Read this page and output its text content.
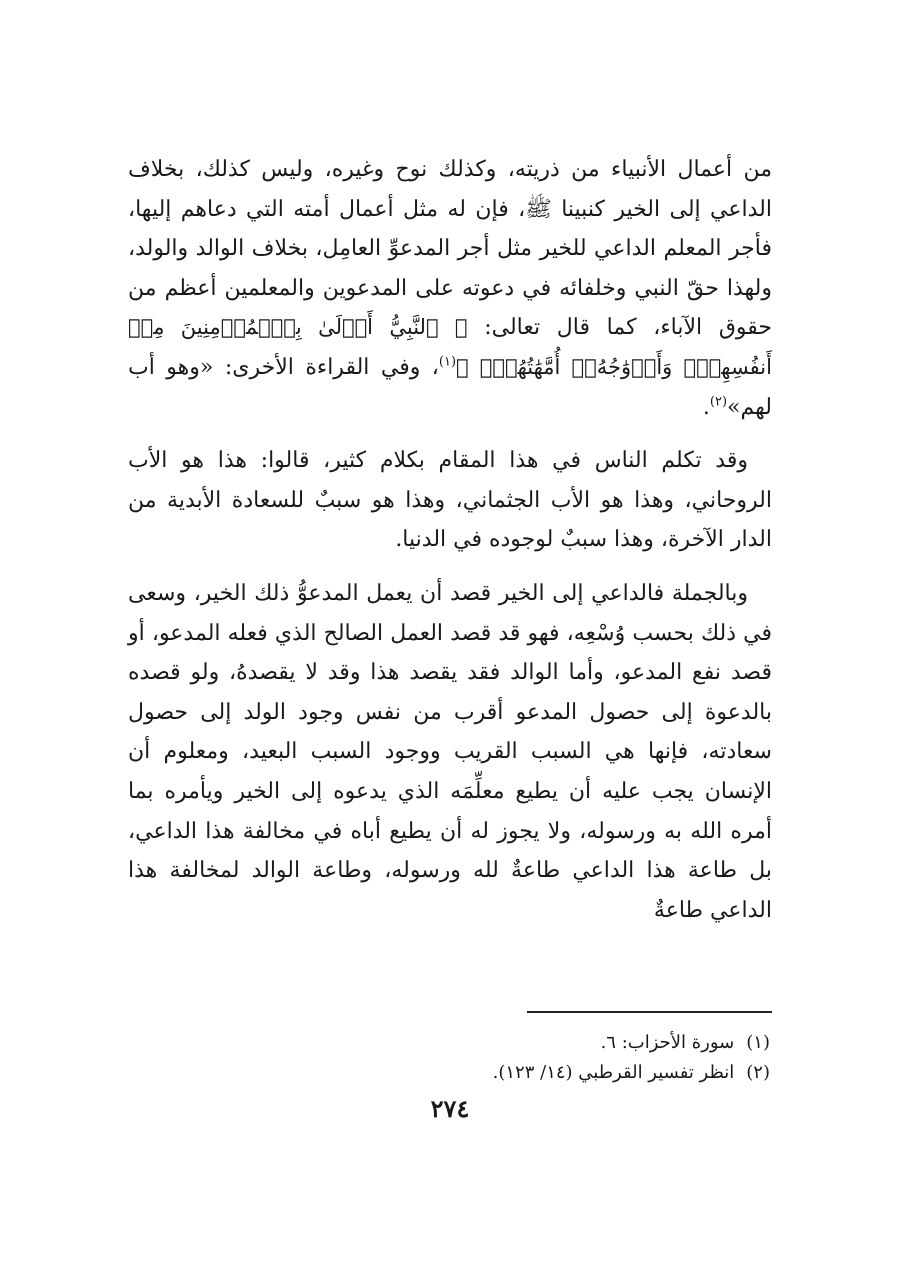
من أعمال الأنبياء من ذريته، وكذلك نوح وغيره، وليس كذلك، بخلاف الداعي إلى الخير كنبينا ﷺ، فإن له مثل أعمال أمته التي دعاهم إليها، فأجر المعلم الداعي للخير مثل أجر المدعوِّ العامِل، بخلاف الوالد والولد، ولهذا حقّ النبي وخلفائه في دعوته على المدعوين والمعلمين أعظم من حقوق الآباء، كما قال تعالى: ﴿ ٱلنَّبِيُّ أَوۡلَىٰ بِٱلۡمُؤۡمِنِينَ مِنۡ أَنفُسِهِمۡۖ وَأَزۡوَٰجُهُۥٓ أُمَّهَٰتُهُمۡۗ ﴾$^{(١)}$، وفي القراءة الأخرى: «وهو أب لهم»$^{(٢)}$.

وقد تكلم الناس في هذا المقام بكلام كثير، قالوا: هذا هو الأب الروحاني، وهذا هو الأب الجثماني، وهذا هو سببٌ للسعادة الأبدية من الدار الآخرة، وهذا سببٌ لوجوده في الدنيا.

وبالجملة فالداعي إلى الخير قصد أن يعمل المدعوُّ ذلك الخير، وسعى في ذلك بحسب وُسْعِه، فهو قد قصد العمل الصالح الذي فعله المدعو، أو قصد نفع المدعو، وأما الوالد فقد يقصد هذا وقد لا يقصدهُ، ولو قصده بالدعوة إلى حصول المدعو أقرب من نفس وجود الولد إلى حصول سعادته، فإنها هي السبب القريب ووجود السبب البعيد، ومعلوم أن الإنسان يجب عليه أن يطيع معلِّمَه الذي يدعوه إلى الخير ويأمره بما أمره الله به ورسوله، ولا يجوز له أن يطيع أباه في مخالفة هذا الداعي، بل طاعة هذا الداعي طاعةٌ لله ورسوله، وطاعة الوالد لمخالفة هذا الداعي طاعةٌ

(١)سورة الأحزاب: ٦.

(٢)انظر تفسير القرطبي (١٤/ ١٢٣).

٢٧٤
